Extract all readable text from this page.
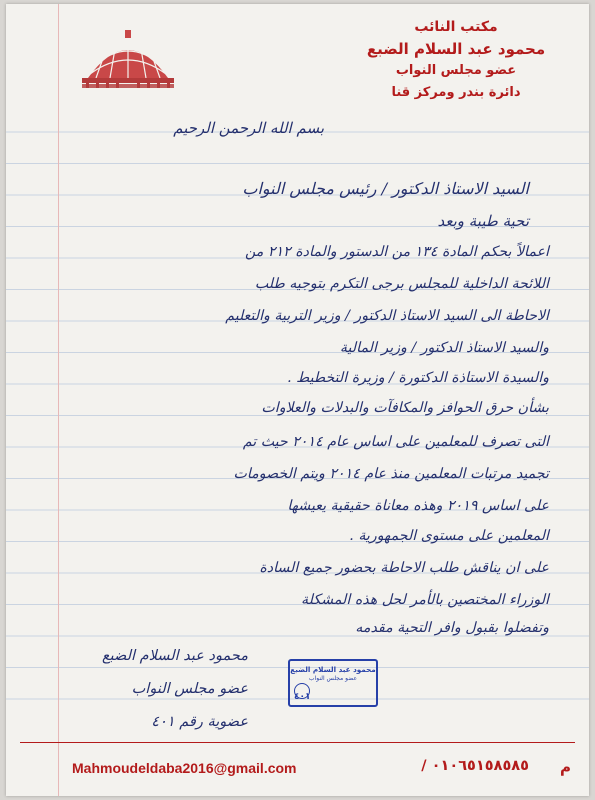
مكتب النائب
محمود عبد السلام الضبع
عضو مجلس النواب
دائرة بندر ومركز قنا
بسم الله الرحمن الرحيم
السيد الاستاذ الدكتور / رئيس مجلس النواب
تحية طيبة وبعد
اعمالاً بحكم المادة ١٣٤ من الدستور والمادة ٢١٢ من
اللائحة الداخلية للمجلس برجى التكرم بتوجيه طلب
الاحاطة الى السيد الاستاذ الدكتور / وزير التربية والتعليم
والسيد الاستاذ الدكتور / وزير المالية
والسيدة الاستاذة الدكتورة / وزيرة التخطيط .
بشأن حرق الحوافز والمكافآت والبدلات والعلاوات
التى تصرف للمعلمين على اساس عام ٢٠١٤ حيث تم
تجميد مرتبات المعلمين منذ عام ٢٠١٤ ويتم الخصومات
على اساس ٢٠١٩ وهذه معاناة حقيقية يعيشها
المعلمين على مستوى الجمهورية .
على ان يناقش طلب الاحاطة بحضور جميع السادة
الوزراء المختصين بالأمر لحل هذه المشكلة
وتفضلوا بقبول وافر التحية مقدمه
محمود عبد السلام الضبع
عضو مجلس النواب
عضوية رقم ٤٠١
محمود عبد السلام الضبع
عضو مجلس النواب
٤٠١
Mahmoudeldaba2016@gmail.com	٠١٠٦٥١٥٨٥٨٥ / م
